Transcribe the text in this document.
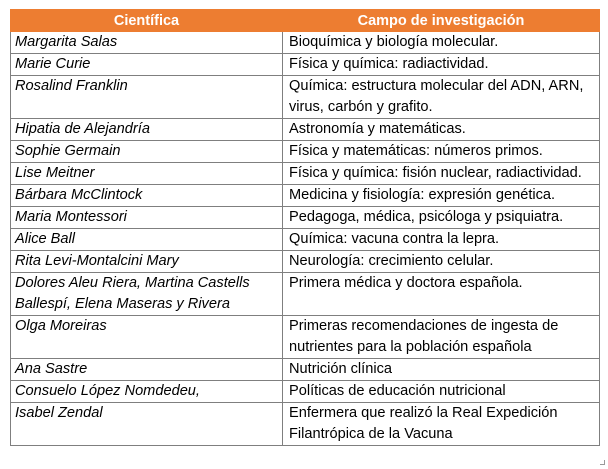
Científica	Campo de investigación
Margarita Salas	Bioquímica y biología molecular.
Marie Curie	Física y química: radiactividad.
Rosalind Franklin	Química: estructura molecular del ADN, ARN, virus, carbón y grafito.
Hipatia de Alejandría	Astronomía y matemáticas.
Sophie Germain	Física y matemáticas: números primos.
Lise Meitner	Física y química: fisión nuclear, radiactividad.
Bárbara McClintock	Medicina y fisiología: expresión genética.
Maria Montessori	Pedagoga, médica, psicóloga y psiquiatra.
Alice Ball	Química: vacuna contra la lepra.
Rita Levi-Montalcini Mary	Neurología: crecimiento celular.
Dolores Aleu Riera, Martina Castells Ballespí, Elena Maseras y Rivera	Primera médica y doctora española.
Olga Moreiras	Primeras recomendaciones de ingesta de nutrientes para la población española
Ana Sastre	Nutrición clínica
Consuelo López Nomdedeu,	Políticas de educación nutricional
Isabel Zendal	Enfermera que realizó la Real Expedición Filantrópica de la Vacuna
